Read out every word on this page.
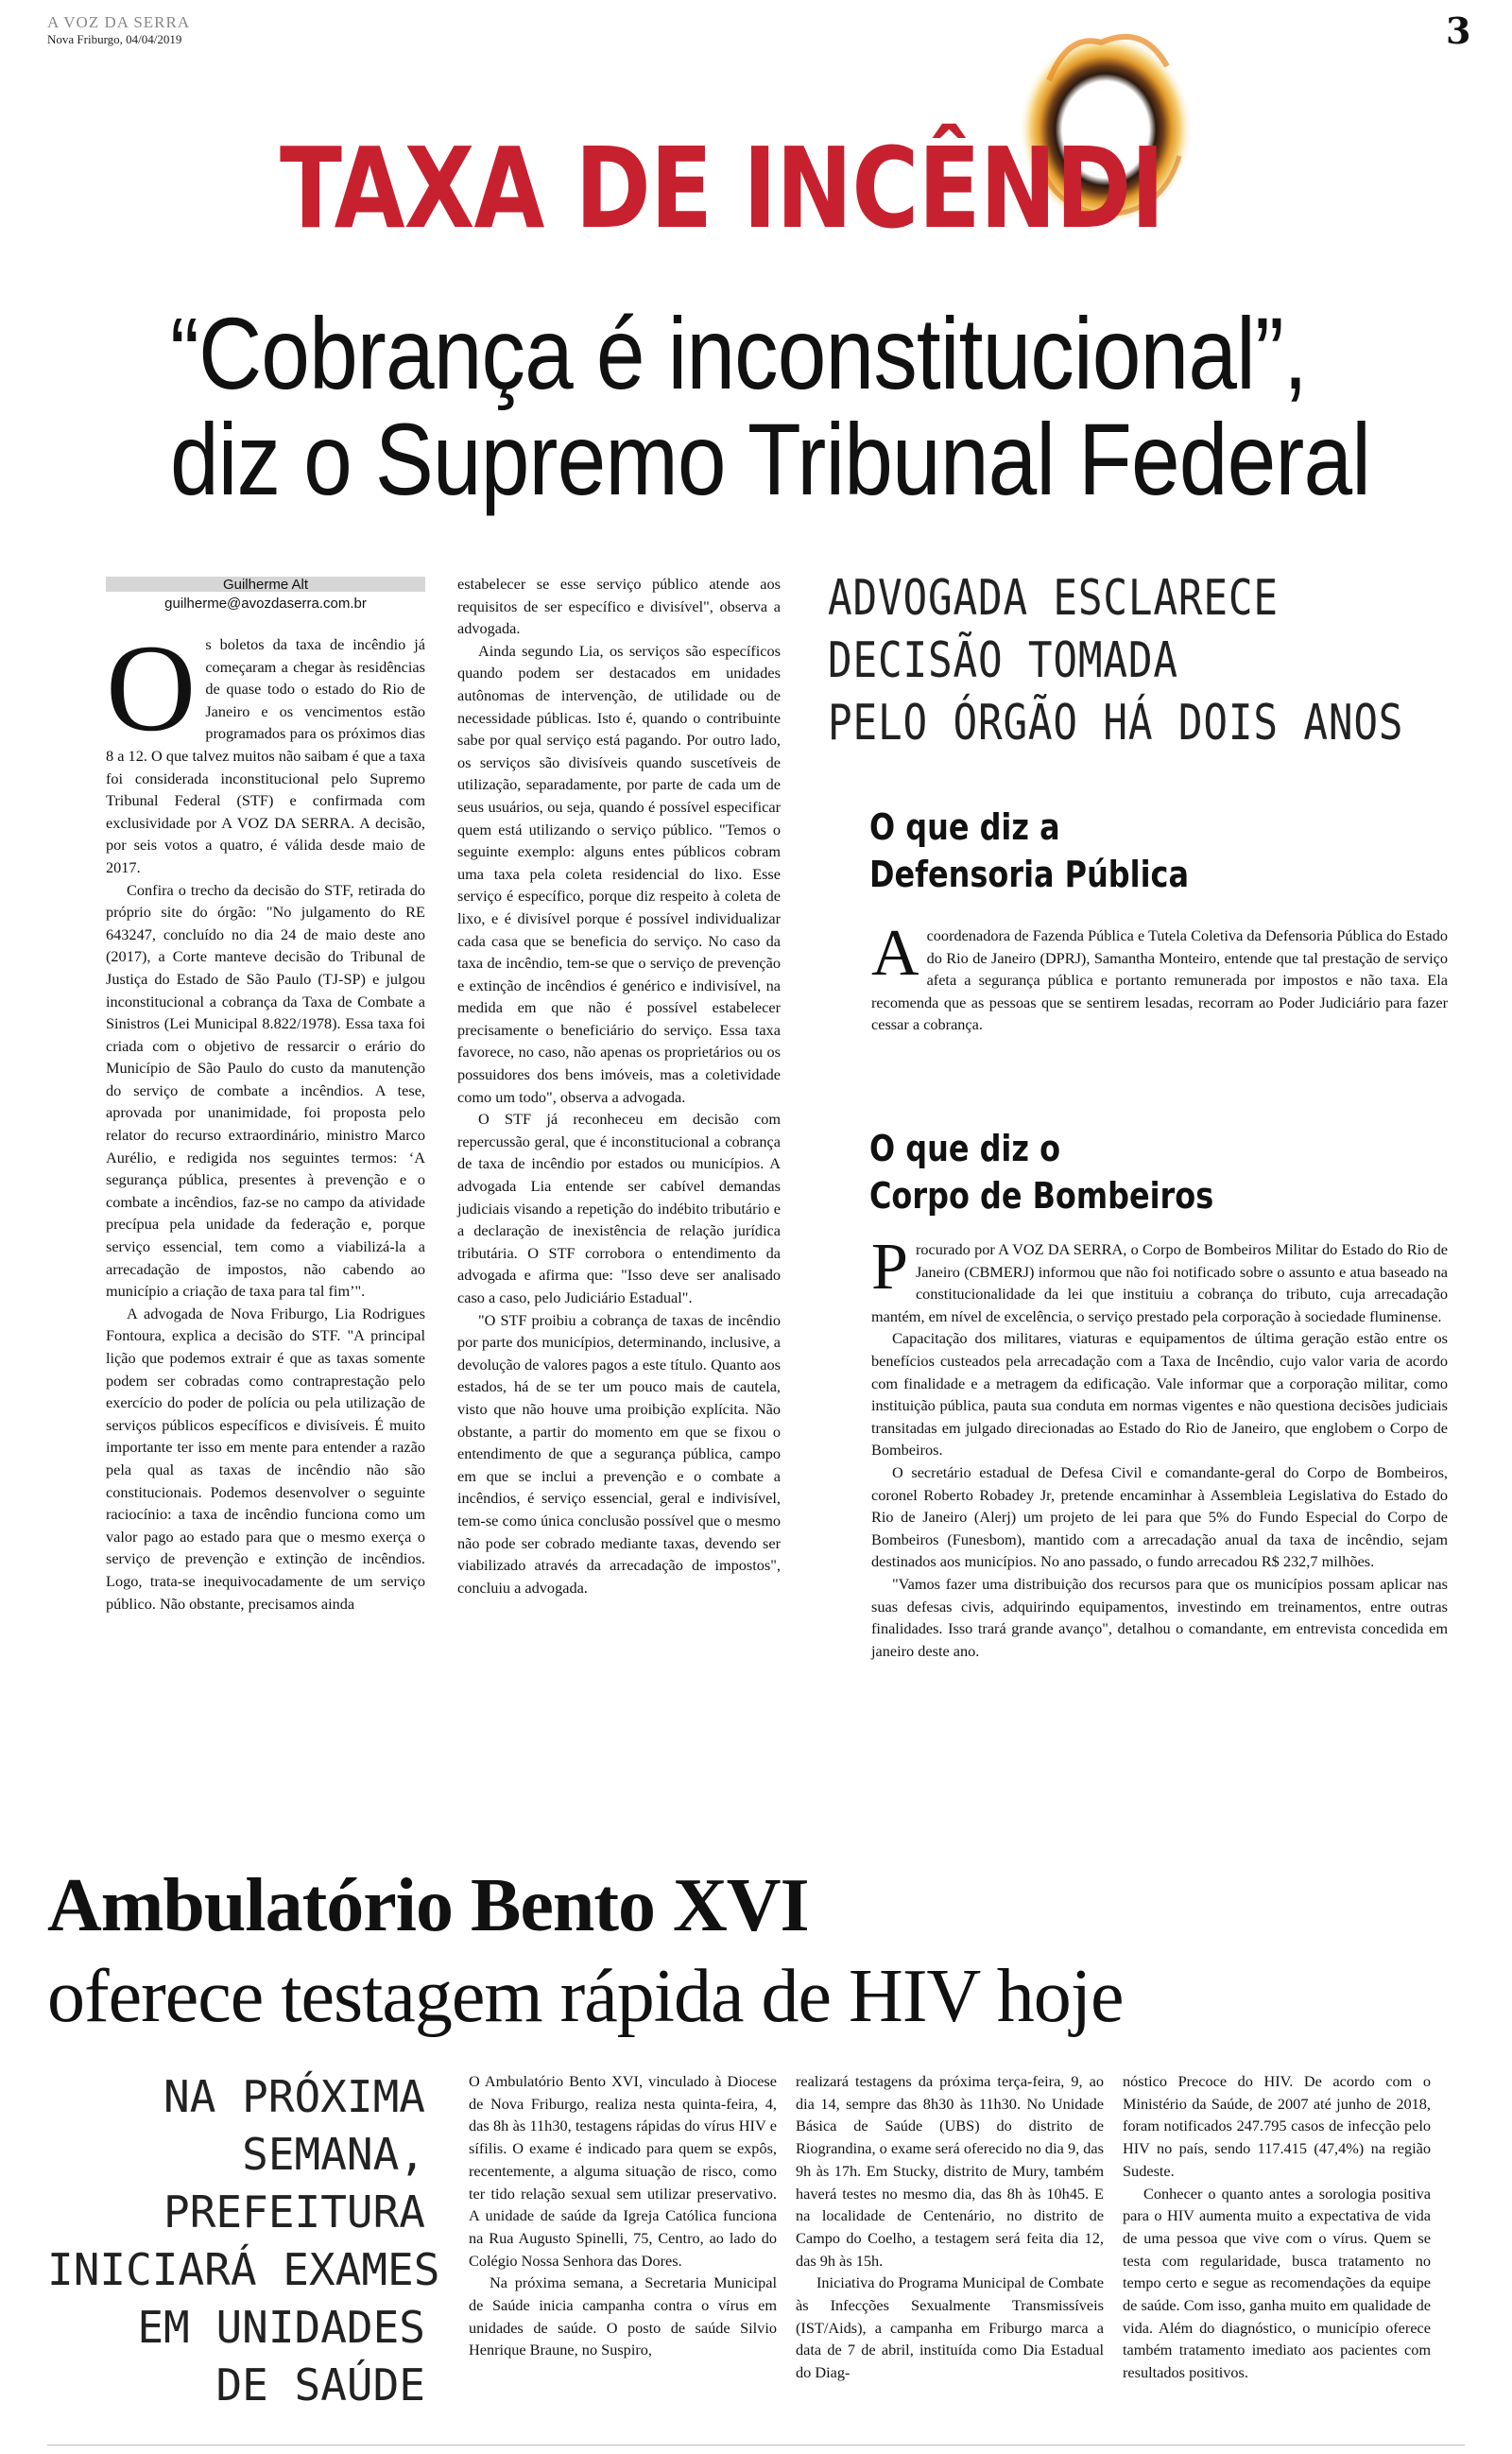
A VOZ DA SERRA
Nova Friburgo, 04/04/2019	3
TAXA DE INCÊNDI
“Cobrança é inconstitucional”,
diz o Supremo Tribunal Federal
Guilherme Alt
guilherme@avozdaserra.com.br

Os boletos da taxa de incêndio já começaram a chegar às residências de quase todo o estado do Rio de Janeiro e os vencimentos estão programados para os próximos dias 8 a 12. O que talvez muitos não saibam é que a taxa foi considerada inconstitucional pelo Supremo Tribunal Federal (STF) e confirmada com exclusividade por A VOZ DA SERRA. A decisão, por seis votos a quatro, é válida desde maio de 2017.

Confira o trecho da decisão do STF, retirada do próprio site do órgão: "No julgamento do RE 643247, concluído no dia 24 de maio deste ano (2017), a Corte manteve decisão do Tribunal de Justiça do Estado de São Paulo (TJ-SP) e julgou inconstitucional a cobrança da Taxa de Combate a Sinistros (Lei Municipal 8.822/1978). Essa taxa foi criada com o objetivo de ressarcir o erário do Município de São Paulo do custo da manutenção do serviço de combate a incêndios. A tese, aprovada por unanimidade, foi proposta pelo relator do recurso extraordinário, ministro Marco Aurélio, e redigida nos seguintes termos: ‘A segurança pública, presentes à prevenção e o combate a incêndios, faz-se no campo da atividade precípua pela unidade da federação e, porque serviço essencial, tem como a viabilizá-la a arrecadação de impostos, não cabendo ao município a criação de taxa para tal fim’".

A advogada de Nova Friburgo, Lia Rodrigues Fontoura, explica a decisão do STF. "A principal lição que podemos extrair é que as taxas somente podem ser cobradas como contraprestação pelo exercício do poder de polícia ou pela utilização de serviços públicos específicos e divisíveis. É muito importante ter isso em mente para entender a razão pela qual as taxas de incêndio não são constitucionais. Podemos desenvolver o seguinte raciocínio: a taxa de incêndio funciona como um valor pago ao estado para que o mesmo exerça o serviço de prevenção e extinção de incêndios. Logo, trata-se inequivocadamente de um serviço público. Não obstante, precisamos ainda

estabelecer se esse serviço público atende aos requisitos de ser específico e divisível", observa a advogada.

Ainda segundo Lia, os serviços são específicos quando podem ser destacados em unidades autônomas de intervenção, de utilidade ou de necessidade públicas. Isto é, quando o contribuinte sabe por qual serviço está pagando. Por outro lado, os serviços são divisíveis quando suscetíveis de utilização, separadamente, por parte de cada um de seus usuários, ou seja, quando é possível especificar quem está utilizando o serviço público. "Temos o seguinte exemplo: alguns entes públicos cobram uma taxa pela coleta residencial do lixo. Esse serviço é específico, porque diz respeito à coleta de lixo, e é divisível porque é possível individualizar cada casa que se beneficia do serviço. No caso da taxa de incêndio, tem-se que o serviço de prevenção e extinção de incêndios é genérico e indivisível, na medida em que não é possível estabelecer precisamente o beneficiário do serviço. Essa taxa favorece, no caso, não apenas os proprietários ou os possuidores dos bens imóveis, mas a coletividade como um todo", observa a advogada.

O STF já reconheceu em decisão com repercussão geral, que é inconstitucional a cobrança de taxa de incêndio por estados ou municípios. A advogada Lia entende ser cabível demandas judiciais visando a repetição do indébito tributário e a declaração de inexistência de relação jurídica tributária. O STF corrobora o entendimento da advogada e afirma que: "Isso deve ser analisado caso a caso, pelo Judiciário Estadual".

"O STF proibiu a cobrança de taxas de incêndio por parte dos municípios, determinando, inclusive, a devolução de valores pagos a este título. Quanto aos estados, há de se ter um pouco mais de cautela, visto que não houve uma proibição explícita. Não obstante, a partir do momento em que se fixou o entendimento de que a segurança pública, campo em que se inclui a prevenção e o combate a incêndios, é serviço essencial, geral e indivisível, tem-se como única conclusão possível que o mesmo não pode ser cobrado mediante taxas, devendo ser viabilizado através da arrecadação de impostos", concluiu a advogada.

ADVOGADA ESCLARECE
DECISÃO TOMADA
PELO ÓRGÃO HÁ DOIS ANOS
O que diz a
Defensoria Pública

A coordenadora de Fazenda Pública e Tutela Coletiva da Defensoria Pública do Estado do Rio de Janeiro (DPRJ), Samantha Monteiro, entende que tal prestação de serviço afeta a segurança pública e portanto remunerada por impostos e não taxa. Ela recomenda que as pessoas que se sentirem lesadas, recorram ao Poder Judiciário para fazer cessar a cobrança.

O que diz o
Corpo de Bombeiros

Procurado por A VOZ DA SERRA, o Corpo de Bombeiros Militar do Estado do Rio de Janeiro (CBMERJ) informou que não foi notificado sobre o assunto e atua baseado na constitucionalidade da lei que instituiu a cobrança do tributo, cuja arrecadação mantém, em nível de excelência, o serviço prestado pela corporação à sociedade fluminense.

Capacitação dos militares, viaturas e equipamentos de última geração estão entre os benefícios custeados pela arrecadação com a Taxa de Incêndio, cujo valor varia de acordo com finalidade e a metragem da edificação. Vale informar que a corporação militar, como instituição pública, pauta sua conduta em normas vigentes e não questiona decisões judiciais transitadas em julgado direcionadas ao Estado do Rio de Janeiro, que englobem o Corpo de Bombeiros.

O secretário estadual de Defesa Civil e comandante-geral do Corpo de Bombeiros, coronel Roberto Robadey Jr, pretende encaminhar à Assembleia Legislativa do Estado do Rio de Janeiro (Alerj) um projeto de lei para que 5% do Fundo Especial do Corpo de Bombeiros (Funesbom), mantido com a arrecadação anual da taxa de incêndio, sejam destinados aos municípios. No ano passado, o fundo arrecadou R$ 232,7 milhões.

"Vamos fazer uma distribuição dos recursos para que os municípios possam aplicar nas suas defesas civis, adquirindo equipamentos, investindo em treinamentos, entre outras finalidades. Isso trará grande avanço", detalhou o comandante, em entrevista concedida em janeiro deste ano.

Ambulatório Bento XVI
oferece testagem rápida de HIV hoje
NA PRÓXIMA
SEMANA,
PREFEITURA
INICIARÁ EXAMES
EM UNIDADES
DE SAÚDE

O Ambulatório Bento XVI, vinculado à Diocese de Nova Friburgo, realiza nesta quinta-feira, 4, das 8h às 11h30, testagens rápidas do vírus HIV e sífilis. O exame é indicado para quem se expôs, recentemente, a alguma situação de risco, como ter tido relação sexual sem utilizar preservativo. A unidade de saúde da Igreja Católica funciona na Rua Augusto Spinelli, 75, Centro, ao lado do Colégio Nossa Senhora das Dores.

Na próxima semana, a Secretaria Municipal de Saúde inicia campanha contra o vírus em unidades de saúde. O posto de saúde Silvio Henrique Braune, no Suspiro,

realizará testagens da próxima terça-feira, 9, ao dia 14, sempre das 8h30 às 11h30. No Unidade Básica de Saúde (UBS) do distrito de Riograndina, o exame será oferecido no dia 9, das 9h às 17h. Em Stucky, distrito de Mury, também haverá testes no mesmo dia, das 8h às 10h45. E na localidade de Centenário, no distrito de Campo do Coelho, a testagem será feita dia 12, das 9h às 15h.

Iniciativa do Programa Municipal de Combate às Infecções Sexualmente Transmissíveis (IST/Aids), a campanha em Friburgo marca a data de 7 de abril, instituída como Dia Estadual do Diag-

nóstico Precoce do HIV. De acordo com o Ministério da Saúde, de 2007 até junho de 2018, foram notificados 247.795 casos de infecção pelo HIV no país, sendo 117.415 (47,4%) na região Sudeste.

Conhecer o quanto antes a sorologia positiva para o HIV aumenta muito a expectativa de vida de uma pessoa que vive com o vírus. Quem se testa com regularidade, busca tratamento no tempo certo e segue as recomendações da equipe de saúde. Com isso, ganha muito em qualidade de vida. Além do diagnóstico, o município oferece também tratamento imediato aos pacientes com resultados positivos.
